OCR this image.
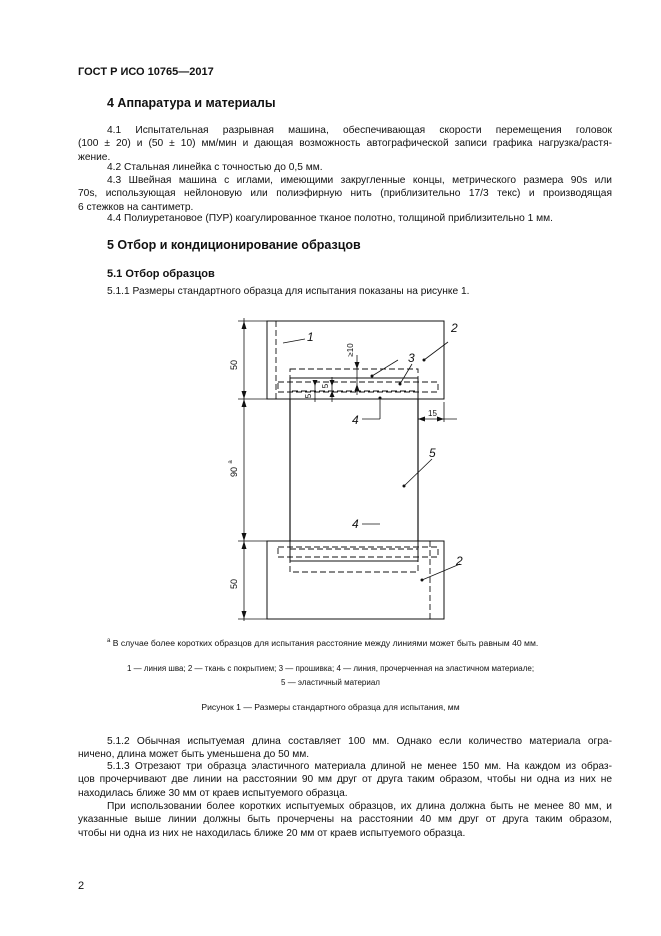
ГОСТ Р ИСО 10765—2017
4 Аппаратура и материалы
4.1 Испытательная разрывная машина, обеспечивающая скорости перемещения головок
(100 ± 20) и (50 ± 10) мм/мин и дающая возможность автографической записи графика нагрузка/растя-
жение.
4.2 Стальная линейка с точностью до 0,5 мм.
4.3 Швейная машина с иглами, имеющими закругленные концы, метрического размера 90s или
70s, использующая нейлоновую или полиэфирную нить (приблизительно 17/3 текс) и производящая
6 стежков на сантиметр.
4.4 Полиуретановое (ПУР) коагулированное тканое полотно, толщиной приблизительно 1 мм.
5 Отбор и кондиционирование образцов
5.1 Отбор образцов
5.1.1 Размеры стандартного образца для испытания показаны на рисунке 1.
50
90
a
50
≥10
5
5
15
1
2
3
4
5
4
2
$^a$ В случае более коротких образцов для испытания расстояние между линиями может быть равным 40 мм.
1 — линия шва; 2 — ткань с покрытием; 3 — прошивка; 4 — линия, прочерченная на эластичном материале;
5 — эластичный материал
Рисунок 1 — Размеры стандартного образца для испытания, мм
5.1.2 Обычная испытуемая длина составляет 100 мм. Однако если количество материала огра-
ничено, длина может быть уменьшена до 50 мм.
5.1.3 Отрезают три образца эластичного материала длиной не менее 150 мм. На каждом из образ-
цов прочерчивают две линии на расстоянии 90 мм друг от друга таким образом, чтобы ни одна из них не
находилась ближе 30 мм от краев испытуемого образца.
При использовании более коротких испытуемых образцов, их длина должна быть не менее 80 мм, и
указанные выше линии должны быть прочерчены на расстоянии 40 мм друг от друга таким образом,
чтобы ни одна из них не находилась ближе 20 мм от краев испытуемого образца.
2
